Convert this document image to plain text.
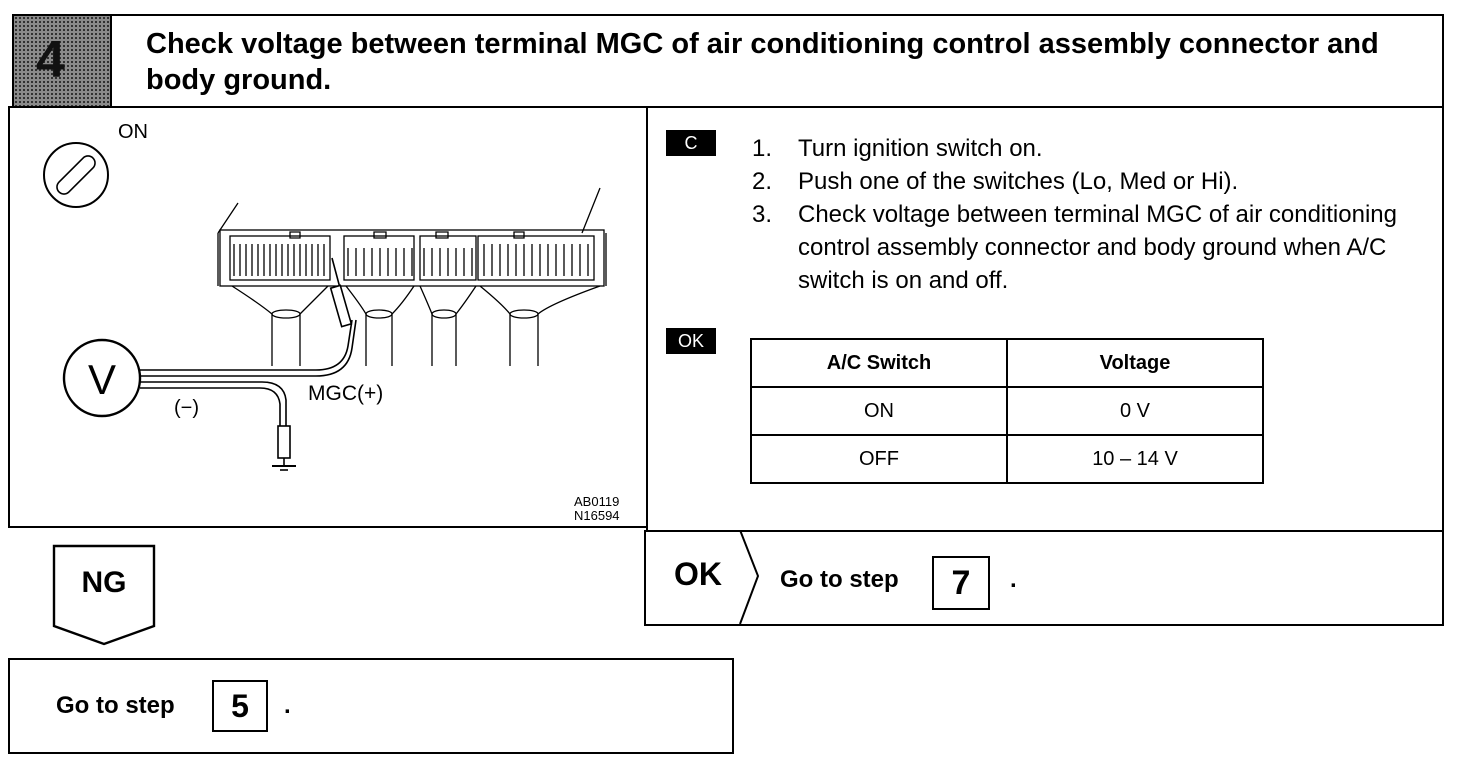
4	Check voltage between terminal MGC of air conditioning control assembly connector and body ground.
ON
V
(−)
MGC(+)
AB0119
N16594
C	1. Turn ignition switch on.
2. Push one of the switches (Lo, Med or Hi).
3. Check voltage between terminal MGC of air conditioning control assembly connector and body ground when A/C switch is on and off.
OK
A/C Switch	Voltage
ON	0 V
OFF	10 – 14 V
OK Go to step	7	.
NG
Go to step	5	.
